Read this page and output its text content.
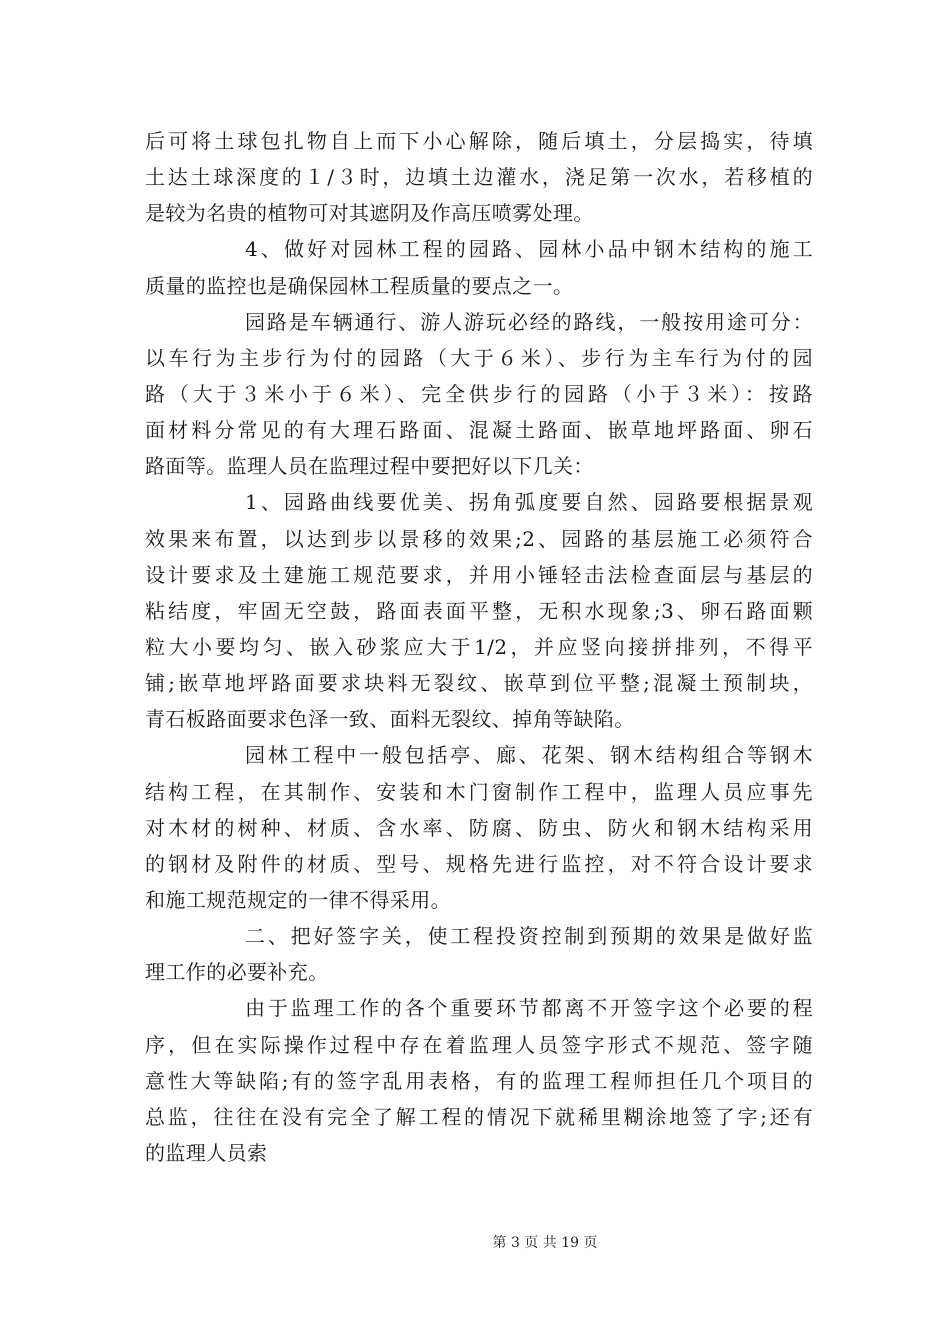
后可将土球包扎物自上而下小心解除，随后填土，分层捣实，待填
土达土球深度的１/３时，边填土边灌水，浇足第一次水，若移植的
是较为名贵的植物可对其遮阴及作高压喷雾处理。
4、做好对园林工程的园路、园林小品中钢木结构的施工
质量的监控也是确保园林工程质量的要点之一。
园路是车辆通行、游人游玩必经的路线，一般按用途可分：
以车行为主步行为付的园路（大于６米）、步行为主车行为付的园
路（大于３米小于６米）、完全供步行的园路（小于３米）：按路
面材料分常见的有大理石路面、混凝土路面、嵌草地坪路面、卵石
路面等。监理人员在监理过程中要把好以下几关：
1、园路曲线要优美、拐角弧度要自然、园路要根据景观
效果来布置，以达到步以景移的效果;2、园路的基层施工必须符合
设计要求及土建施工规范要求，并用小锤轻击法检查面层与基层的
粘结度，牢固无空鼓，路面表面平整，无积水现象;3、卵石路面颗
粒大小要均匀、嵌入砂浆应大于1/2，并应竖向接拼排列，不得平
铺;嵌草地坪路面要求块料无裂纹、嵌草到位平整;混凝土预制块，
青石板路面要求色泽一致、面料无裂纹、掉角等缺陷。
园林工程中一般包括亭、廊、花架、钢木结构组合等钢木
结构工程，在其制作、安装和木门窗制作工程中，监理人员应事先
对木材的树种、材质、含水率、防腐、防虫、防火和钢木结构采用
的钢材及附件的材质、型号、规格先进行监控，对不符合设计要求
和施工规范规定的一律不得采用。
二、把好签字关，使工程投资控制到预期的效果是做好监
理工作的必要补充。
由于监理工作的各个重要环节都离不开签字这个必要的程
序，但在实际操作过程中存在着监理人员签字形式不规范、签字随
意性大等缺陷;有的签字乱用表格，有的监理工程师担任几个项目的
总监，往往在没有完全了解工程的情况下就稀里糊涂地签了字;还有
的监理人员索
第 3 页 共 19 页
